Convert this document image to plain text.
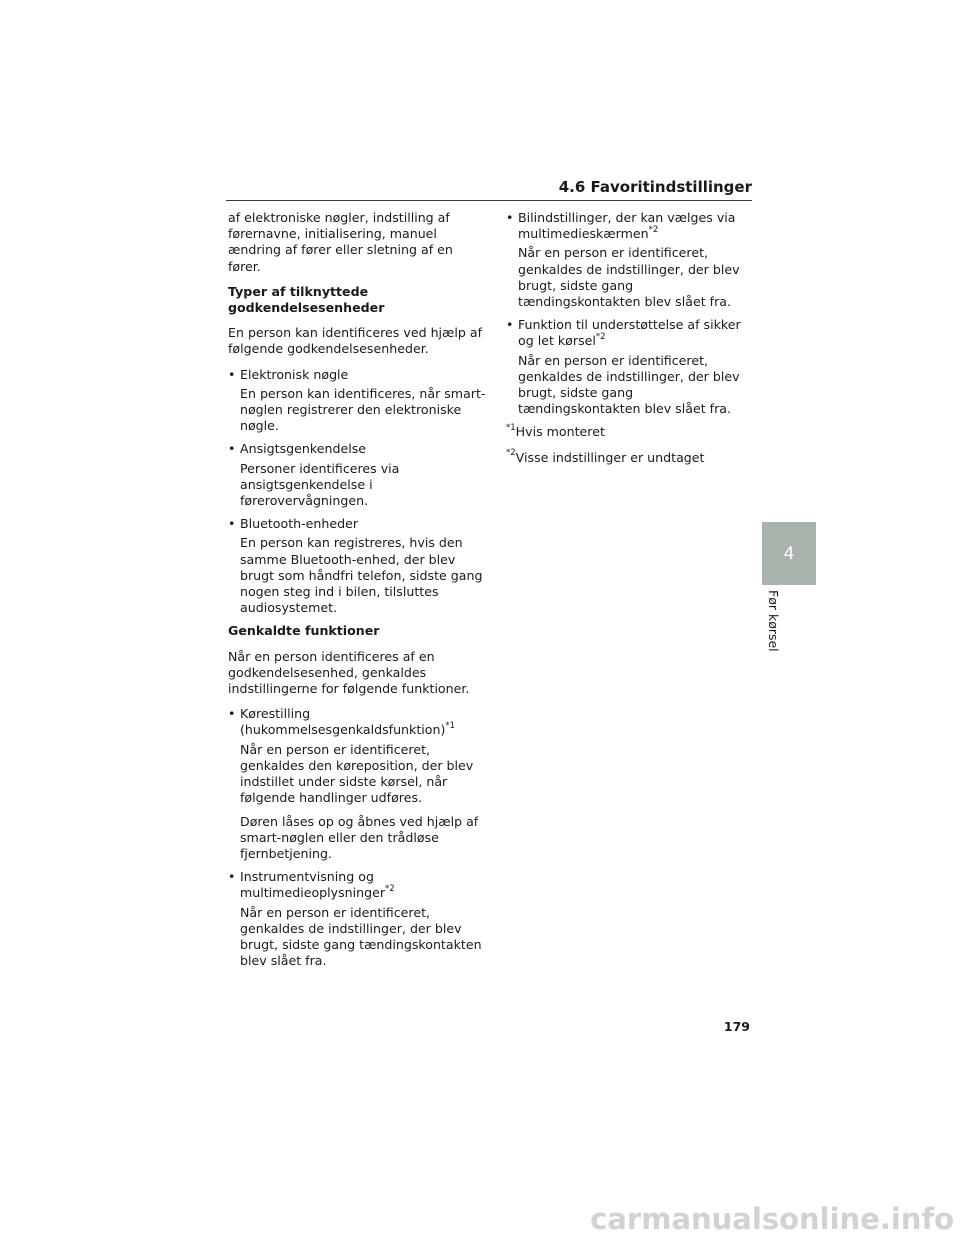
4.6 Favoritindstillinger

af elektroniske nøgler, indstilling af førernavne, initialisering, manuel ændring af fører eller sletning af en fører.

Typer af tilknyttede godkendelsesenheder

En person kan identificeres ved hjælp af følgende godkendelsesenheder.

• Elektronisk nøgle

En person kan identificeres, når smart-nøglen registrerer den elektroniske nøgle.

• Ansigtsgenkendelse

Personer identificeres via ansigtsgenkendelse i førerovervågningen.

• Bluetooth-enheder

En person kan registreres, hvis den samme Bluetooth-enhed, der blev brugt som håndfri telefon, sidste gang nogen steg ind i bilen, tilsluttes audiosystemet.

Genkaldte funktioner

Når en person identificeres af en godkendelsesenhed, genkaldes indstillingerne for følgende funktioner.

• Kørestilling (hukommelsesgenkaldsfunktion)$^{*1}$

Når en person er identificeret, genkaldes den køreposition, der blev indstillet under sidste kørsel, når følgende handlinger udføres.

Døren låses op og åbnes ved hjælp af smart-nøglen eller den trådløse fjernbetjening.

• Instrumentvisning og multimedieoplysninger$^{*2}$

Når en person er identificeret, genkaldes de indstillinger, der blev brugt, sidste gang tændingskontakten blev slået fra.

• Bilindstillinger, der kan vælges via multimedieskærmen$^{*2}$

Når en person er identificeret, genkaldes de indstillinger, der blev brugt, sidste gang tændingskontakten blev slået fra.

• Funktion til understøttelse af sikker og let kørsel$^{*2}$

Når en person er identificeret, genkaldes de indstillinger, der blev brugt, sidste gang tændingskontakten blev slået fra.

$^{*1}$Hvis monteret

$^{*2}$Visse indstillinger er undtaget

4
Før kørsel
179
carmanualsonline.info
